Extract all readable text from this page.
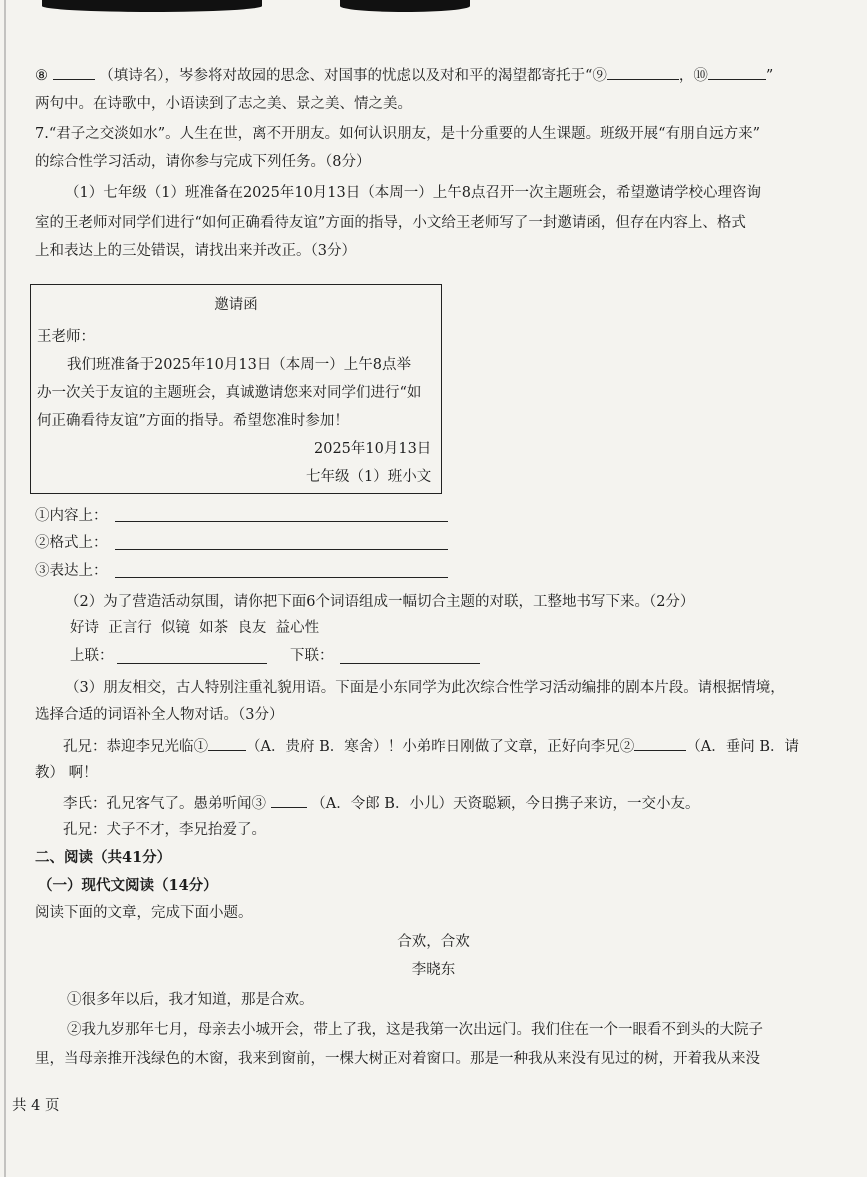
⑧	（填诗名），岑参将对故园的思念、对国事的忧虑以及对和平的渴望都寄托于“⑨	，⑩	”
两句中。在诗歌中，小语读到了志之美、景之美、情之美。
7.“君子之交淡如水”。人生在世，离不开朋友。如何认识朋友，是十分重要的人生课题。班级开展“有朋自远方来”
的综合性学习活动，请你参与完成下列任务。（8分）
（1）七年级（1）班准备在2025年10月13日（本周一）上午8点召开一次主题班会，希望邀请学校心理咨询
室的王老师对同学们进行“如何正确看待友谊”方面的指导，小文给王老师写了一封邀请函，但存在内容上、格式
上和表达上的三处错误，请找出来并改正。（3分）
邀请函
王老师：
我们班准备于2025年10月13日（本周一）上午8点举
办一次关于友谊的主题班会，真诚邀请您来对同学们进行“如
何正确看待友谊”方面的指导。希望您准时参加！
2025年10月13日
七年级（1）班小文
①内容上：
②格式上：
③表达上：
（2）为了营造活动氛围，请你把下面6个词语组成一幅切合主题的对联，工整地书写下来。（2分）
好诗  正言行  似镜  如茶  良友  益心性
上联：	下联：
（3）朋友相交，古人特别注重礼貌用语。下面是小东同学为此次综合性学习活动编排的剧本片段。请根据情境，
选择合适的词语补全人物对话。（3分）
孔兄：恭迎李兄光临①	（A．贵府 B．寒舍）！小弟昨日刚做了文章，正好向李兄②	（A．垂问 B．请
教） 啊！
李氏：孔兄客气了。愚弟听闻③	（A．令郎 B．小儿）天资聪颖，今日携子来访，一交小友。
孔兄：犬子不才，李兄抬爱了。
二、阅读（共41分）
（一）现代文阅读（14分）
阅读下面的文章，完成下面小题。
合欢，合欢
李晓东
①很多年以后，我才知道，那是合欢。
②我九岁那年七月，母亲去小城开会，带上了我，这是我第一次出远门。我们住在一个一眼看不到头的大院子
里，当母亲推开浅绿色的木窗，我来到窗前，一棵大树正对着窗口。那是一种我从来没有见过的树，开着我从来没
共 4 页
